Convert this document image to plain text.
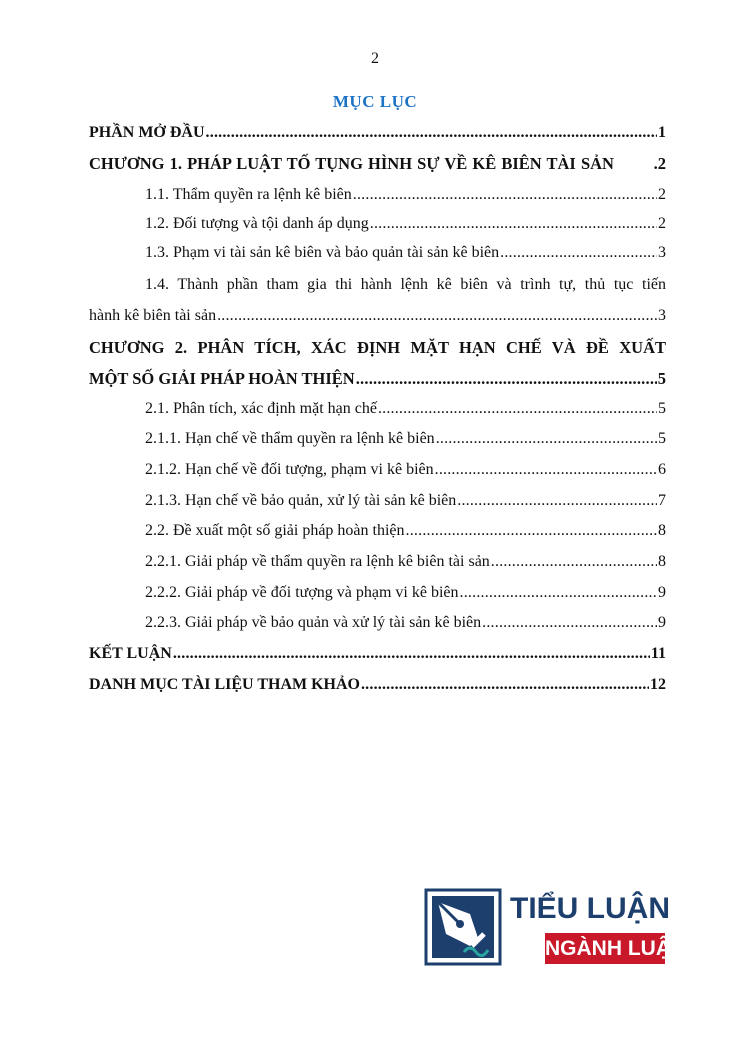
2
MỤC LỤC
PHẦN MỞ ĐẦU .....	1
CHƯƠNG 1. PHÁP LUẬT TỐ TỤNG HÌNH SỰ VỀ KÊ BIÊN TÀI SẢN .2
1.1. Thẩm quyền ra lệnh kê biên .....	2
1.2. Đối tượng và tội danh áp dụng .....	2
1.3. Phạm vi tài sản kê biên và bảo quản tài sản kê biên .....	3
1.4. Thành phần tham gia thi hành lệnh kê biên và trình tự, thủ tục tiến
hành kê biên tài sản .....	3
CHƯƠNG 2. PHÂN TÍCH, XÁC ĐỊNH MẶT HẠN CHẾ VÀ ĐỀ XUẤT
MỘT SỐ GIẢI PHÁP HOÀN THIỆN .....	5
2.1. Phân tích, xác định mặt hạn chế .....	5
2.1.1. Hạn chế về thẩm quyền ra lệnh kê biên .....	5
2.1.2. Hạn chế về đối tượng, phạm vi kê biên .....	6
2.1.3. Hạn chế về bảo quản, xử lý tài sản kê biên .....	7
2.2. Đề xuất một số giải pháp hoàn thiện .....	8
2.2.1. Giải pháp về thẩm quyền ra lệnh kê biên tài sản .....	8
2.2.2. Giải pháp về đối tượng và phạm vi kê biên .....	9
2.2.3. Giải pháp về bảo quản và xử lý tài sản kê biên .....	9
KẾT LUẬN .....	11
DANH MỤC TÀI LIỆU THAM KHẢO .....	12
TIỂU LUẬN
NGÀNH LUẬT
